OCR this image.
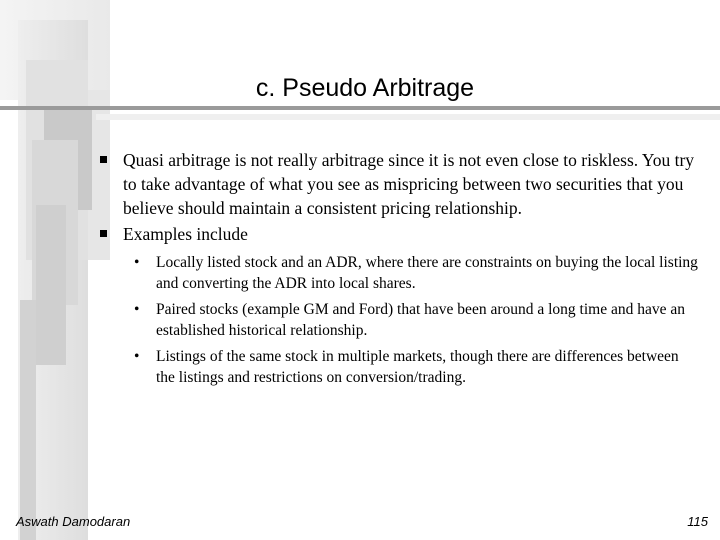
c. Pseudo Arbitrage
Quasi arbitrage is not really arbitrage since it is not even close to riskless. You try to take advantage of what you see as mispricing between two securities that you believe should maintain a consistent pricing relationship.
Examples include
• Locally listed stock and an ADR, where there are constraints on buying the local listing and converting the ADR into local shares.
• Paired stocks (example GM and Ford) that have been around a long time and have an established historical relationship.
• Listings of the same stock in multiple markets, though there are differences between the listings and restrictions on conversion/trading.
Aswath Damodaran	115
